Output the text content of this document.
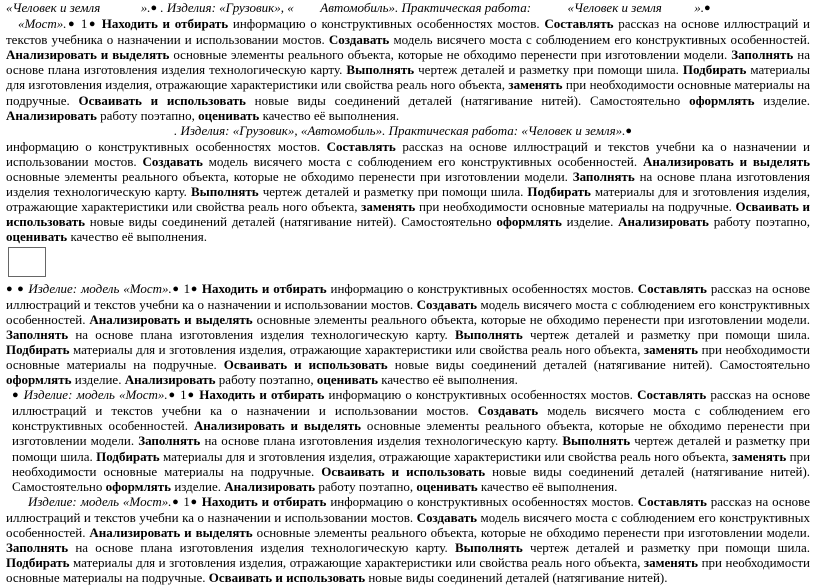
«Человек и земля	».● . Изделия: «Грузовик», « Автомобиль». Практическая работа:	«Человек и земля	».●
«Мост».● 1● Находить и отбирать информацию о конструктивных особенностях мостов. Составлять рассказ на основе иллюстраций и текстов учебника о назначении и использовании мостов. Создавать модель висячего моста с соблюдением его конструктивных особенностей. Анализировать и выделять основные элементы реального объекта, которые не обходимо перенести при изготовлении модели. Заполнять на основе плана изготовления изделия технологическую карту. Выполнять чертеж деталей и разметку при помощи шила. Подбирать материалы для изготовления изделия, отражающие характеристики или свойства реаль ного объекта, заменять при необходимости основные материалы на подручные. Осваивать и использовать новые виды соединений деталей (натягивание нитей). Самостоятельно оформлять изделие. Анализировать работу поэтапно, оценивать качество её выполнения.

. Изделия: «Грузовик», «Автомобиль». Практическая работа: «Человек и земля».●
информацию о конструктивных особенностях мостов. Составлять рассказ на основе иллюстраций и текстов учебни ка о назначении и использовании мостов. Создавать модель висячего моста с соблюдением его конструктивных особенностей. Анализировать и выделять основные элементы реального объекта, которые не обходимо перенести при изготовлении модели. Заполнять на основе плана изготовления изделия технологическую карту. Выполнять чертеж деталей и разметку при помощи шила. Подбирать материалы для и зготовления изделия, отражающие характеристики или свойства реаль ного объекта, заменять при необходимости основные материалы на подручные. Осваивать и использовать новые виды соединений деталей (натягивание нитей). Самостоятельно оформлять изделие. Анализировать работу поэтапно, оценивать качество её выполнения.

● ● Изделие: модель «Мост».● 1● Находить и отбирать информацию о конструктивных особенностях мостов. Составлять рассказ на основе иллюстраций и текстов учебни ка о назначении и использовании мостов. Создавать модель висячего моста с соблюдением его конструктивных особенностей. Анализировать и выделять основные элементы реального объекта, которые не обходимо перенести при изготовлении модели. Заполнять на основе плана изготовления изделия технологическую карту. Выполнять чертеж деталей и разметку при помощи шила. Подбирать материалы для и зготовления изделия, отражающие характеристики или свойства реаль ного объекта, заменять при необходимости основные материалы на подручные. Осваивать и использовать новые виды соединений деталей (натягивание нитей). Самостоятельно оформлять изделие. Анализировать работу поэтапно, оценивать качество её выполнения.

● Изделие: модель «Мост».● 1● Находить и отбирать информацию о конструктивных особенностях мостов. Составлять рассказ на основе иллюстраций и текстов учебни ка о назначении и использовании мостов. Создавать модель висячего моста с соблюдением его конструктивных особенностей. Анализировать и выделять основные элементы реального объекта, которые не обходимо перенести при изготовлении модели. Заполнять на основе плана изготовления изделия технологическую карту. Выполнять чертеж деталей и разметку при помощи шила. Подбирать материалы для и зготовления изделия, отражающие характеристики или свойства реаль ного объекта, заменять при необходимости основные материалы на подручные. Осваивать и использовать новые виды соединений деталей (натягивание нитей). Самостоятельно оформлять изделие. Анализировать работу поэтапно, оценивать качество её выполнения.

Изделие: модель «Мост».● 1● Находить и отбирать информацию о конструктивных особенностях мостов. Составлять рассказ на основе иллюстраций и текстов учебни ка о назначении и использовании мостов. Создавать модель висячего моста с соблюдением его конструктивных особенностей. Анализировать и выделять основные элементы реального объекта, которые не обходимо перенести при изготовлении модели. Заполнять на основе плана изготовления изделия технологическую карту. Выполнять чертеж деталей и разметку при помощи шила. Подбирать материалы для и зготовления изделия, отражающие характеристики или свойства реаль ного объекта, заменять при необходимости основные материалы на подручные. Осваивать и использовать новые виды соединений деталей (натягивание нитей).
